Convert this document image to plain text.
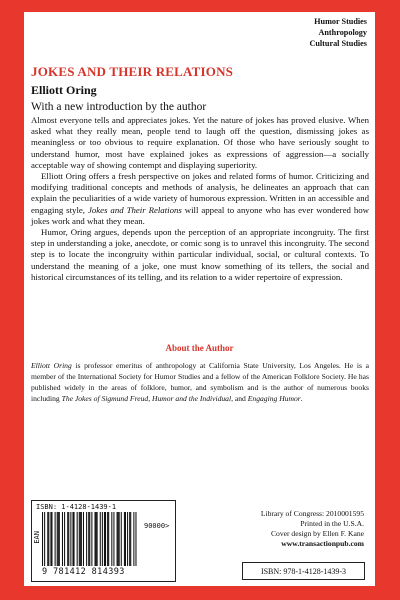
Humor Studies
Anthropology
Cultural Studies
JOKES AND THEIR RELATIONS
Elliott Oring
With a new introduction by the author

Almost everyone tells and appreciates jokes. Yet the nature of jokes has proved elusive. When asked what they really mean, people tend to laugh off the question, dismissing jokes as meaningless or too obvious to require explanation. Of those who have seriously sought to understand humor, most have explained jokes as expressions of aggression—a socially acceptable way of showing contempt and displaying superiority.

Elliott Oring offers a fresh perspective on jokes and related forms of humor. Criticizing and modifying traditional concepts and methods of analysis, he delineates an approach that can explain the peculiarities of a wide variety of humorous expression. Written in an accessible and engaging style, Jokes and Their Relations will appeal to anyone who has ever wondered how jokes work and what they mean.

Humor, Oring argues, depends upon the perception of an appropriate incongruity. The first step in understanding a joke, anecdote, or comic song is to unravel this incongruity. The second step is to locate the incongruity within particular individual, social, or cultural contexts. To understand the meaning of a joke, one must know something of its tellers, the social and historical circumstances of its telling, and its relation to a wider repertoire of expression.

About the Author

Elliott Oring is professor emeritus of anthropology at California State University, Los Angeles. He is a member of the International Society for Humor Studies and a fellow of the American Folklore Society. He has published widely in the areas of folklore, humor, and symbolism and is the author of numerous books including The Jokes of Sigmund Freud, Humor and the Individual, and Engaging Humor.

ISBN: 1-4128-1439-1
EAN
90000>
9 781412 814393
Library of Congress: 2010001595
Printed in the U.S.A.
Cover design by Ellen F. Kane
www.transactionpub.com
ISBN: 978-1-4128-1439-3
